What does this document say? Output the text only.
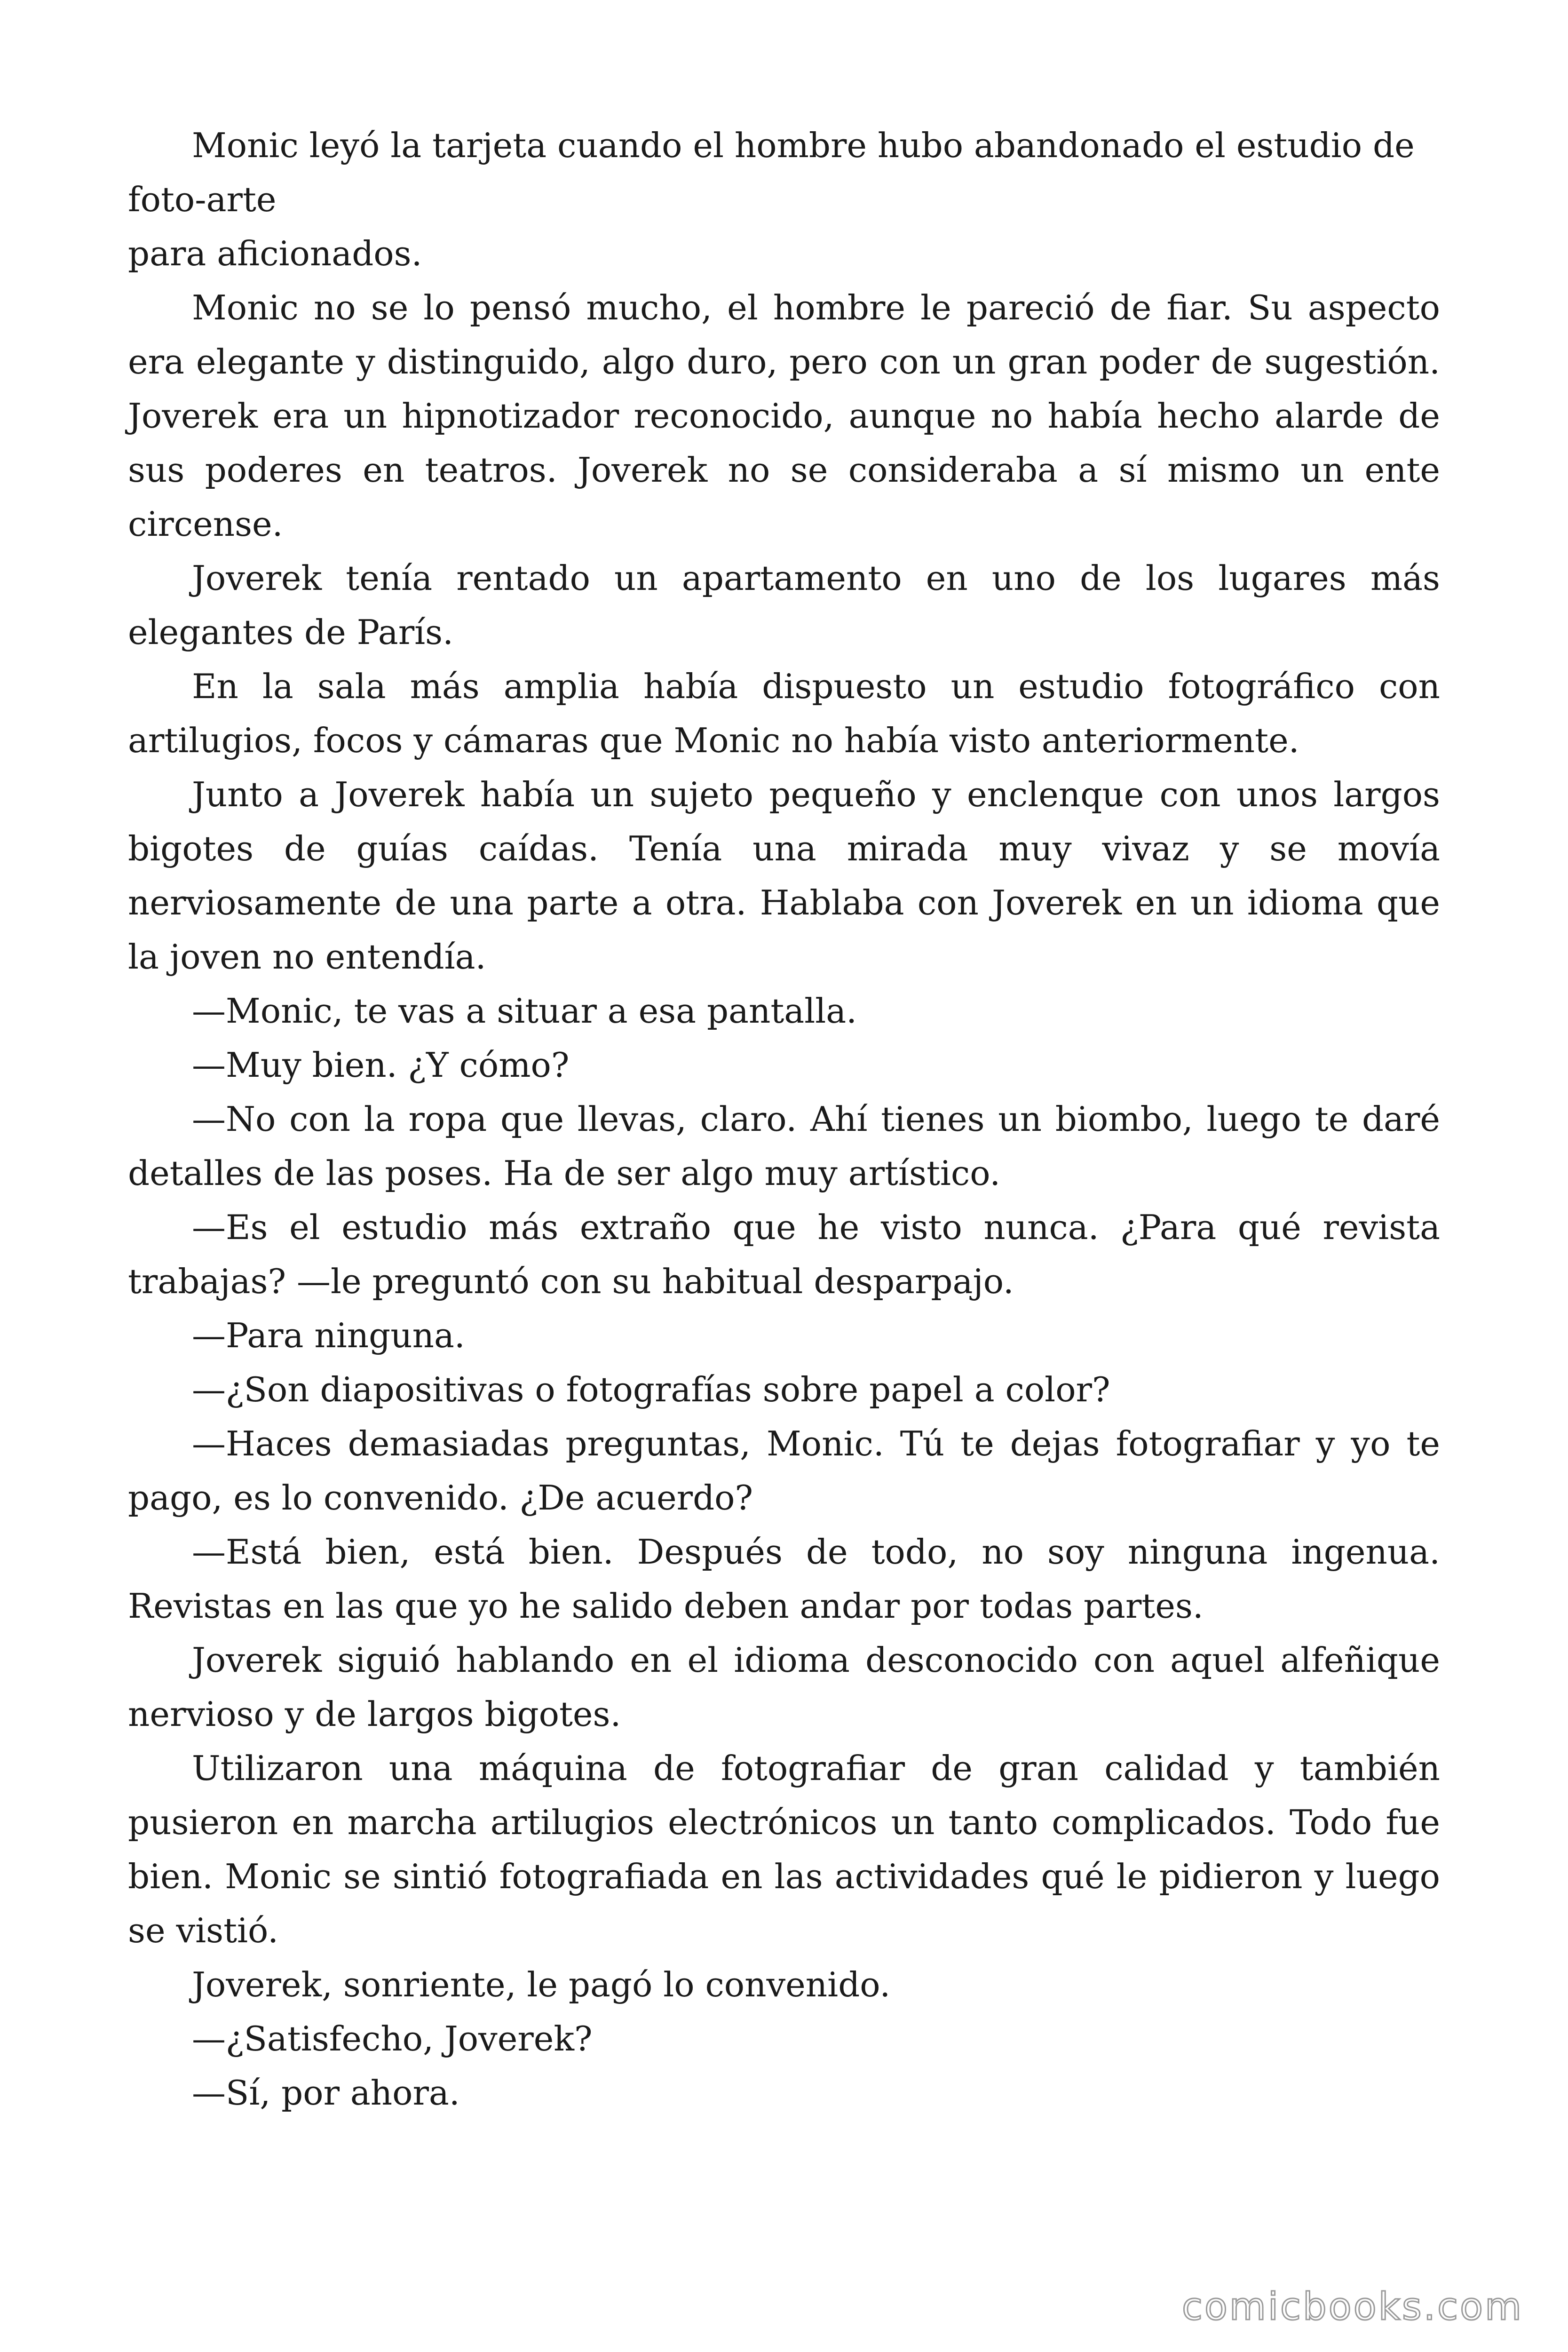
Monic leyó la tarjeta cuando el hombre hubo abandonado el estudio de

foto-arte

para aficionados.

Monic no se lo pensó mucho, el hombre le pareció de fiar. Su aspecto era elegante y distinguido, algo duro, pero con un gran poder de sugestión. Joverek era un hipnotizador reconocido, aunque no había hecho alarde de sus poderes en teatros. Joverek no se consideraba a sí mismo un ente circense.

Joverek tenía rentado un apartamento en uno de los lugares más elegantes de París.

En la sala más amplia había dispuesto un estudio fotográfico con artilugios, focos y cámaras que Monic no había visto anteriormente.

Junto a Joverek había un sujeto pequeño y enclenque con unos largos bigotes de guías caídas. Tenía una mirada muy vivaz y se movía nerviosamente de una parte a otra. Hablaba con Joverek en un idioma que la joven no entendía.

—Monic, te vas a situar a esa pantalla.

—Muy bien. ¿Y cómo?

—No con la ropa que llevas, claro. Ahí tienes un biombo, luego te daré detalles de las poses. Ha de ser algo muy artístico.

—Es el estudio más extraño que he visto nunca. ¿Para qué revista trabajas? —le preguntó con su habitual desparpajo.

—Para ninguna.

—¿Son diapositivas o fotografías sobre papel a color?

—Haces demasiadas preguntas, Monic. Tú te dejas fotografiar y yo te pago, es lo convenido. ¿De acuerdo?

—Está bien, está bien. Después de todo, no soy ninguna ingenua. Revistas en las que yo he salido deben andar por todas partes.

Joverek siguió hablando en el idioma desconocido con aquel alfeñique nervioso y de largos bigotes.

Utilizaron una máquina de fotografiar de gran calidad y también pusieron en marcha artilugios electrónicos un tanto complicados. Todo fue bien. Monic se sintió fotografiada en las actividades qué le pidieron y luego se vistió.

Joverek, sonriente, le pagó lo convenido.

—¿Satisfecho, Joverek?

—Sí, por ahora.

comicbooks.com
